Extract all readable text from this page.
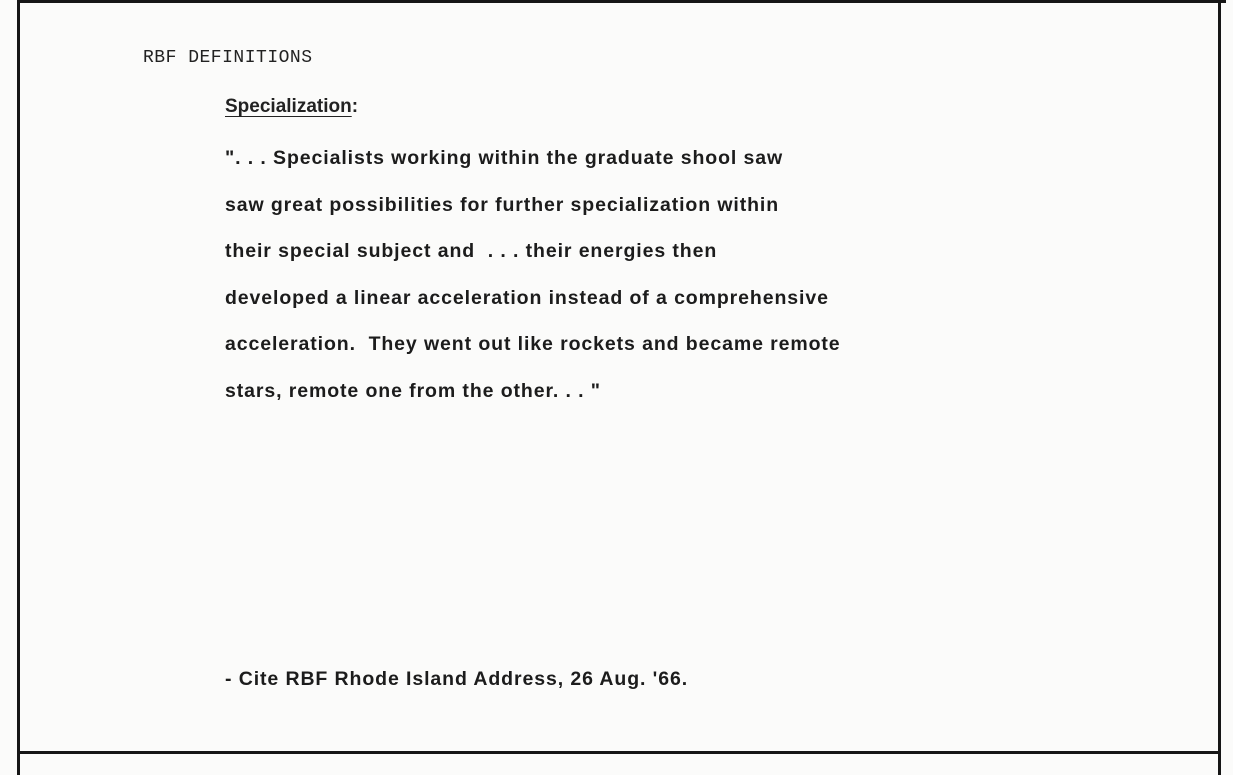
RBF DEFINITIONS
Specialization:

". . . Specialists working within the graduate shool saw
saw great possibilities for further specialization within
their special subject and  . . . their energies then
developed a linear acceleration instead of a comprehensive
acceleration.  They went out like rockets and became remote
stars, remote one from the other. . . "

- Cite RBF Rhode Island Address, 26 Aug. '66.
